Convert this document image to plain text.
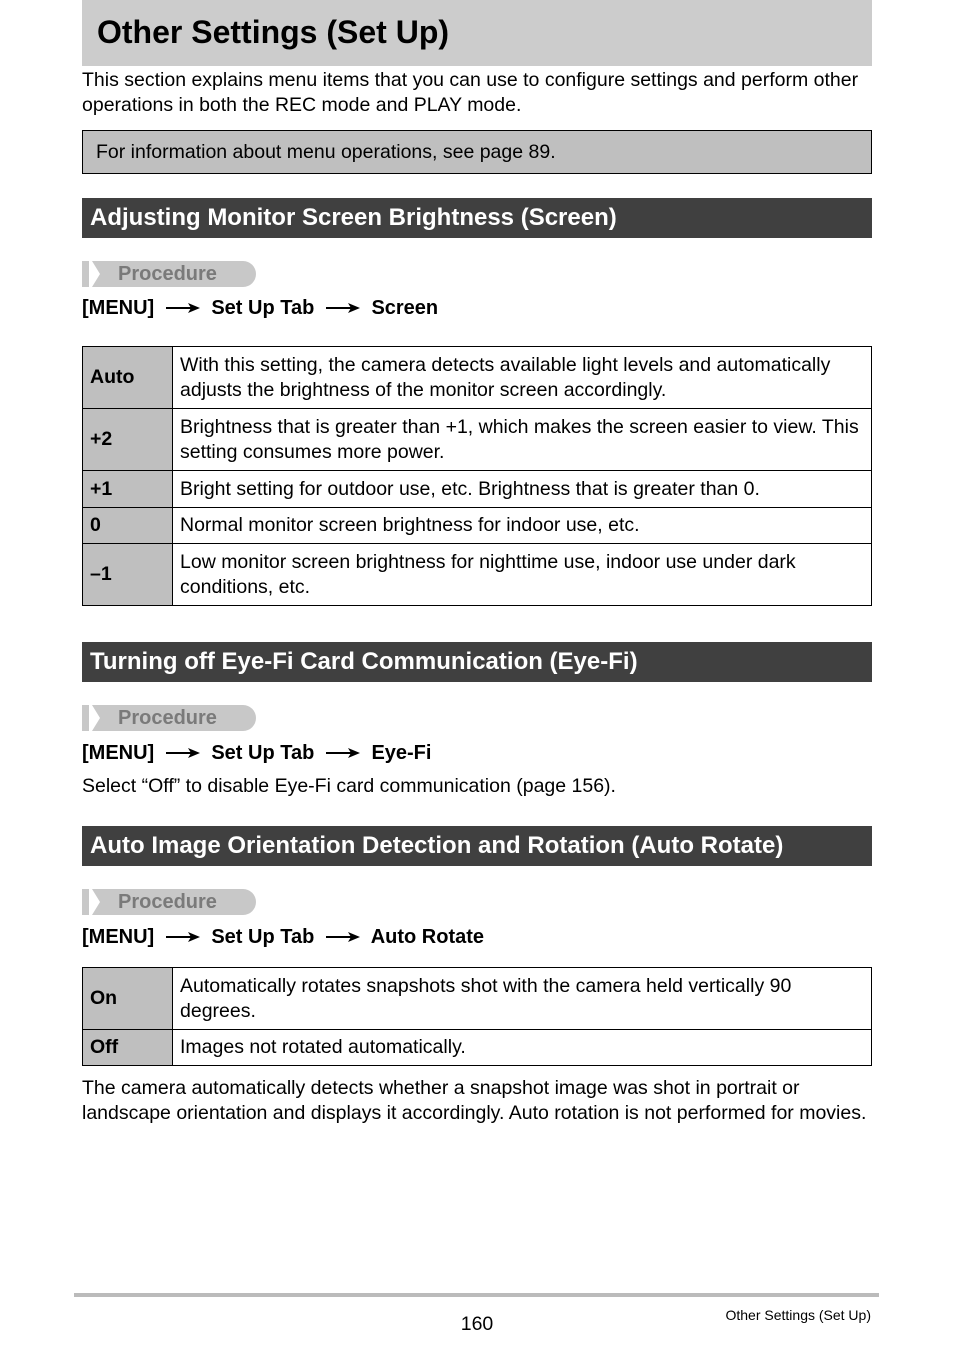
Other Settings (Set Up)
This section explains menu items that you can use to configure settings and perform other operations in both the REC mode and PLAY mode.
For information about menu operations, see page 89.
Adjusting Monitor Screen Brightness (Screen)
Procedure
[MENU]	Set Up Tab	Screen
Auto	With this setting, the camera detects available light levels and automatically adjusts the brightness of the monitor screen accordingly.
+2	Brightness that is greater than +1, which makes the screen easier to view. This setting consumes more power.
+1	Bright setting for outdoor use, etc. Brightness that is greater than 0.
0	Normal monitor screen brightness for indoor use, etc.
–1	Low monitor screen brightness for nighttime use, indoor use under dark conditions, etc.
Turning off Eye-Fi Card Communication (Eye-Fi)
Procedure
[MENU]	Set Up Tab	Eye-Fi
Select “Off” to disable Eye-Fi card communication (page 156).
Auto Image Orientation Detection and Rotation (Auto Rotate)
Procedure
[MENU]	Set Up Tab	Auto Rotate
On	Automatically rotates snapshots shot with the camera held vertically 90 degrees.
Off	Images not rotated automatically.
The camera automatically detects whether a snapshot image was shot in portrait or landscape orientation and displays it accordingly. Auto rotation is not performed for movies.
160	Other Settings (Set Up)
